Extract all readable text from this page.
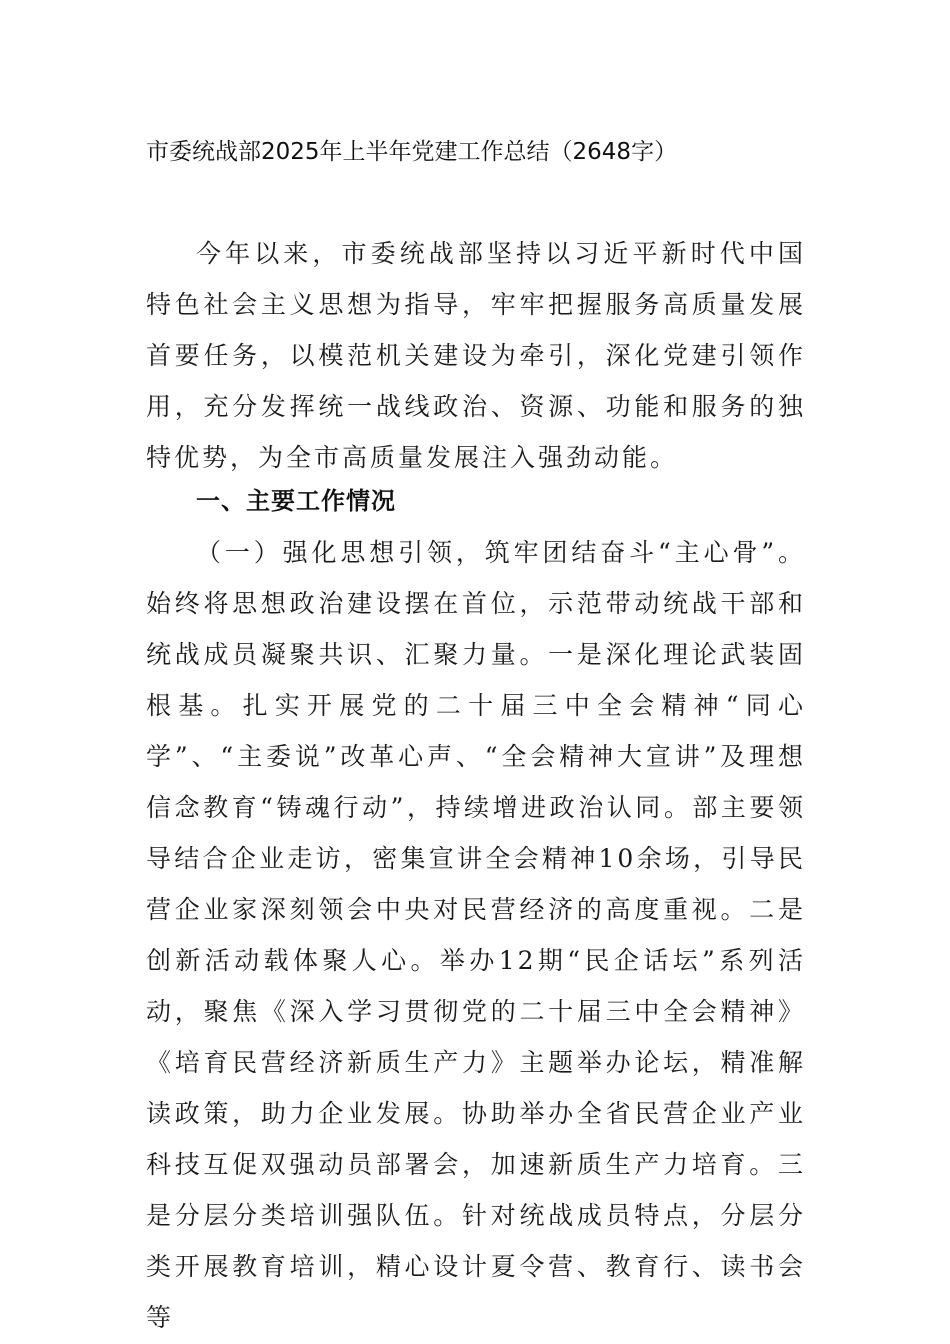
市委统战部2025年上半年党建工作总结（2648字）

今年以来，市委统战部坚持以习近平新时代中国特色社会主义思想为指导，牢牢把握服务高质量发展首要任务，以模范机关建设为牵引，深化党建引领作用，充分发挥统一战线政治、资源、功能和服务的独特优势，为全市高质量发展注入强劲动能。

一、主要工作情况

（一）强化思想引领，筑牢团结奋斗“主心骨”。始终将思想政治建设摆在首位，示范带动统战干部和统战成员凝聚共识、汇聚力量。一是深化理论武装固根基。扎实开展党的二十届三中全会精神“同心学”、“主委说”改革心声、“全会精神大宣讲”及理想信念教育“铸魂行动”，持续增进政治认同。部主要领导结合企业走访，密集宣讲全会精神10余场，引导民营企业家深刻领会中央对民营经济的高度重视。二是创新活动载体聚人心。举办12期“民企话坛”系列活动，聚焦《深入学习贯彻党的二十届三中全会精神》《培育民营经济新质生产力》主题举办论坛，精准解读政策，助力企业发展。协助举办全省民营企业产业科技互促双强动员部署会，加速新质生产力培育。三是分层分类培训强队伍。针对统战成员特点，分层分类开展教育培训，精心设计夏令营、教育行、读书会等
